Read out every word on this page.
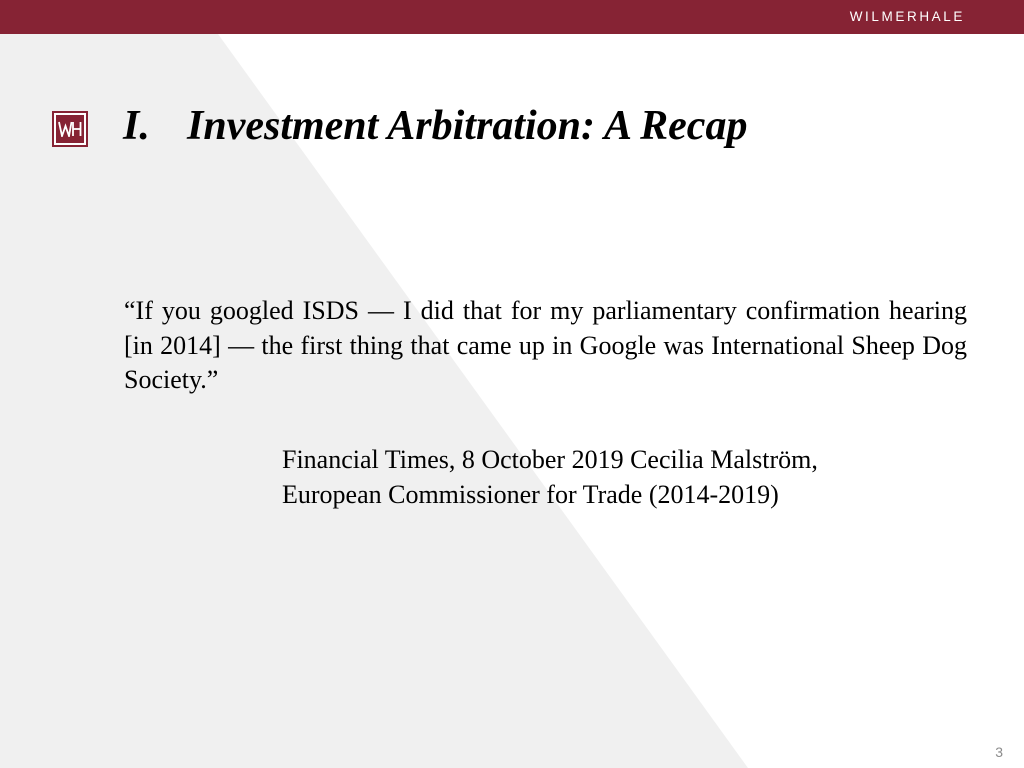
WILMERHALE
I. Investment Arbitration: A Recap

“If you googled ISDS — I did that for my parliamentary confirmation hearing [in 2014] — the first thing that came up in Google was International Sheep Dog Society.”

Financial Times, 8 October 2019 Cecilia Malström,
European Commissioner for Trade (2014-2019)

3
